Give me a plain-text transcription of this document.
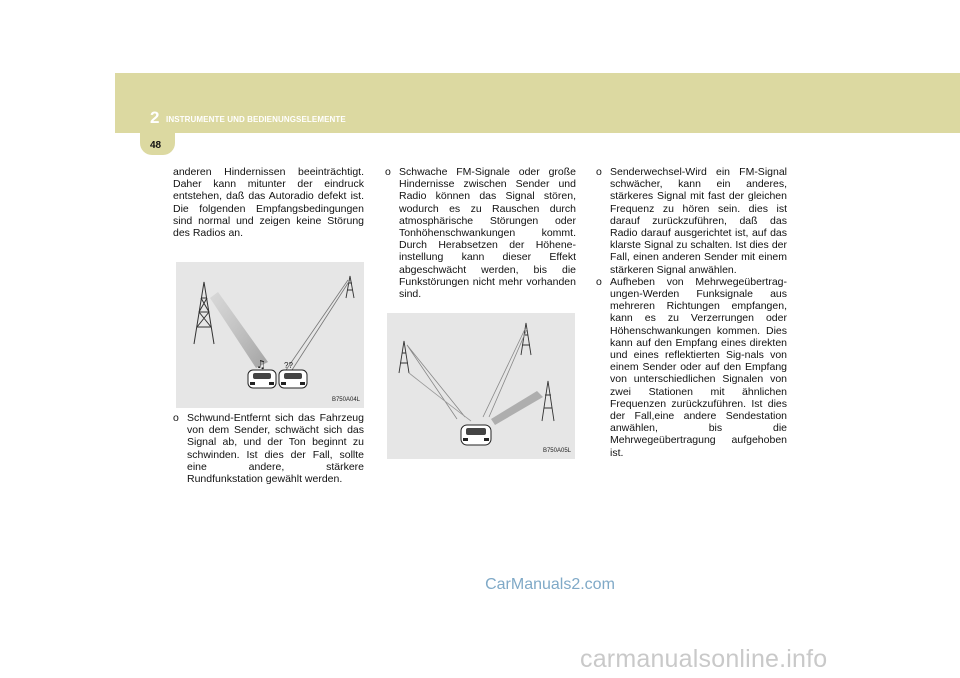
2 INSTRUMENTE UND BEDIENUNGSELEMENTE
48

anderen Hindernissen beeinträchtigt. Daher kann mitunter der eindruck entstehen, daß das Autoradio defekt ist. Die folgenden Empfangsbedingungen sind normal und zeigen keine Störung des Radios an.

♫ ??
B750A04L
o Schwund-Entfernt sich das Fahrzeug von dem Sender, schwächt sich das Signal ab, und der Ton beginnt zu schwinden. Ist dies der Fall, sollte eine andere, stärkere Rundfunkstation gewählt werden.
o Schwache FM-Signale oder große Hindernisse zwischen Sender und Radio können das Signal stören, wodurch es zu Rauschen durch atmosphärische Störungen oder Tonhöhenschwankungen kommt. Durch Herabsetzen der Höhene-instellung kann dieser Effekt abgeschwächt werden, bis die Funkstörungen nicht mehr vorhanden sind.
B750A05L
o Senderwechsel-Wird ein FM-Signal schwächer, kann ein anderes, stärkeres Signal mit fast der gleichen Frequenz zu hören sein. dies ist darauf zurückzuführen, daß das Radio darauf ausgerichtet ist, auf das klarste Signal zu schalten. Ist dies der Fall, einen anderen Sender mit einem stärkeren Signal anwählen.
o Aufheben von Mehrwegeübertrag-ungen-Werden Funksignale aus mehreren Richtungen empfangen, kann es zu Verzerrungen oder Höhenschwankungen kommen. Dies kann auf den Empfang eines direkten und eines reflektierten Sig-nals von einem Sender oder auf den Empfang von unterschiedlichen Signalen von zwei Stationen mit ähnlichen Frequenzen zurückzuführen. Ist dies der Fall,eine andere Sendestation anwählen, bis die Mehrwegeübertragung aufgehoben ist.
CarManuals2.com
carmanualsonline.info
